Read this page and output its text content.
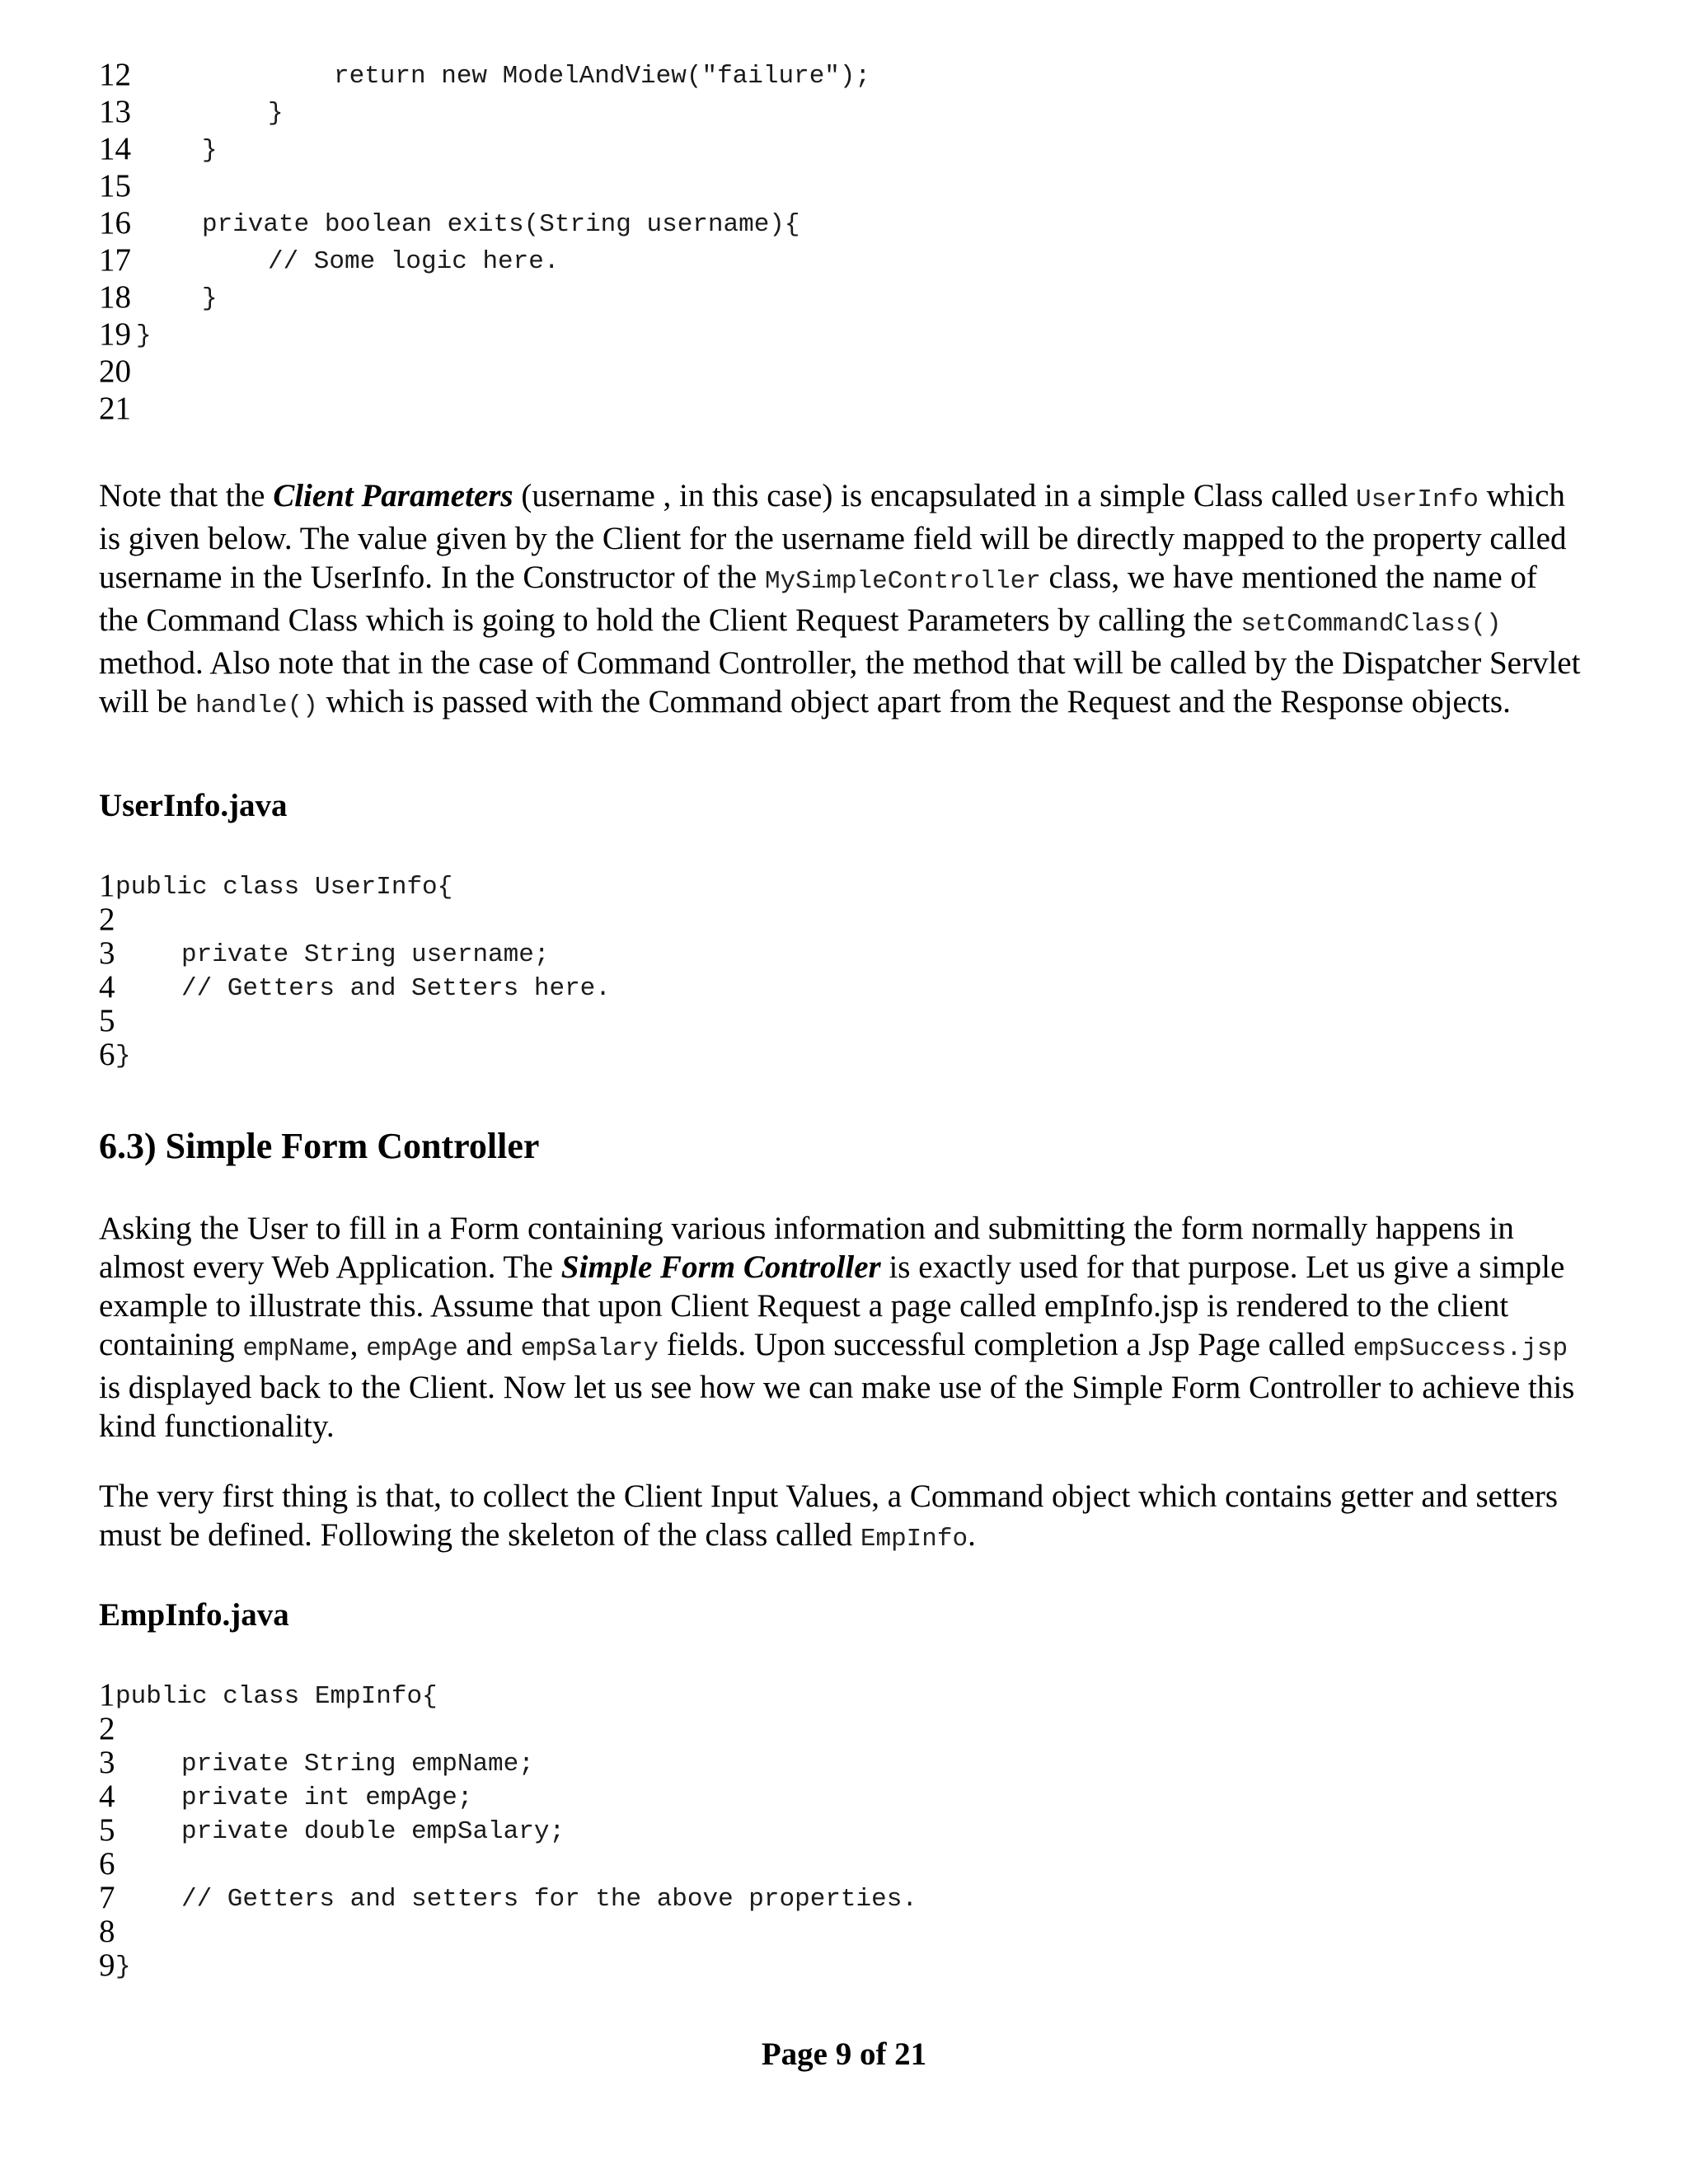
12	return new ModelAndView("failure");
13	}
14	}
15
16	private boolean exits(String username){
17	// Some logic here.
18	}
19 }
20
21
Note that the Client Parameters (username , in this case) is encapsulated in a simple Class called UserInfo which is given below. The value given by the Client for the username field will be directly mapped to the property called username in the UserInfo. In the Constructor of the MySimpleController class, we have mentioned the name of the Command Class which is going to hold the Client Request Parameters by calling the setCommandClass() method. Also note that in the case of Command Controller, the method that will be called by the Dispatcher Servlet will be handle() which is passed with the Command object apart from the Request and the Response objects.
UserInfo.java
1 public class UserInfo{
2
3	private String username;
4	// Getters and Setters here.
5
6 }
6.3) Simple Form Controller
Asking the User to fill in a Form containing various information and submitting the form normally happens in almost every Web Application. The Simple Form Controller is exactly used for that purpose. Let us give a simple example to illustrate this. Assume that upon Client Request a page called empInfo.jsp is rendered to the client containing empName, empAge and empSalary fields. Upon successful completion a Jsp Page called empSuccess.jsp is displayed back to the Client. Now let us see how we can make use of the Simple Form Controller to achieve this kind functionality.
The very first thing is that, to collect the Client Input Values, a Command object which contains getter and setters must be defined. Following the skeleton of the class called EmpInfo.
EmpInfo.java
1 public class EmpInfo{
2
3	private String empName;
4	private int empAge;
5	private double empSalary;
6
7	// Getters and setters for the above properties.
8
9 }
Page 9 of 21
